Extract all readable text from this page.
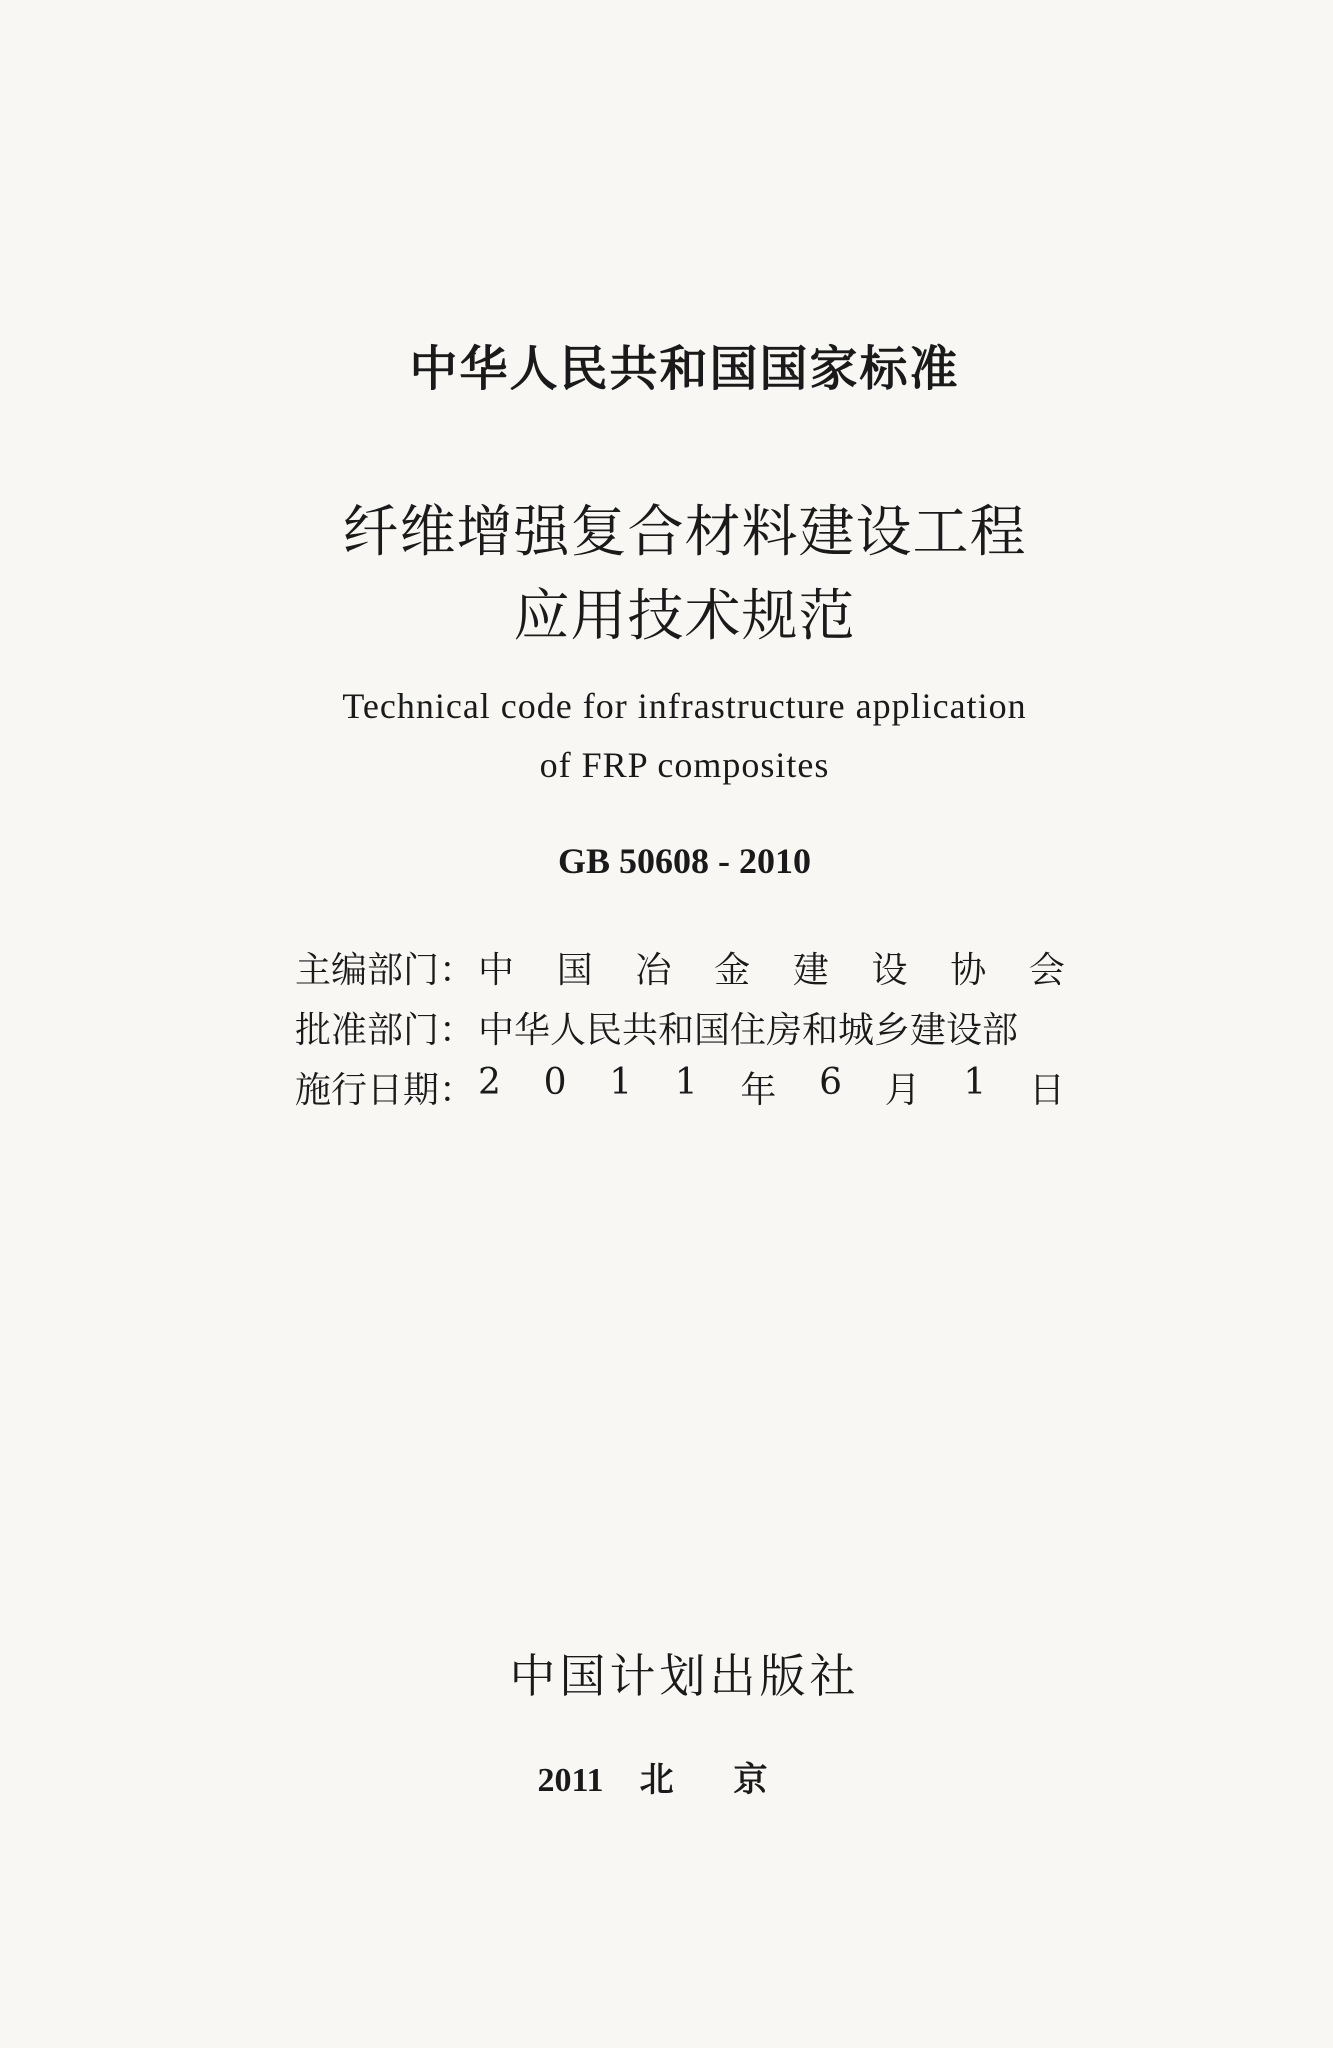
中华人民共和国国家标准
纤维增强复合材料建设工程
应用技术规范
Technical code for infrastructure application
of FRP composites
GB 50608 - 2010
主编部门： 中 国 冶 金 建 设 协 会
批准部门： 中华人民共和国住房和城乡建设部
施行日期： 2 0 1 1 年 6 月 1 日
中国计划出版社
2011 北京
